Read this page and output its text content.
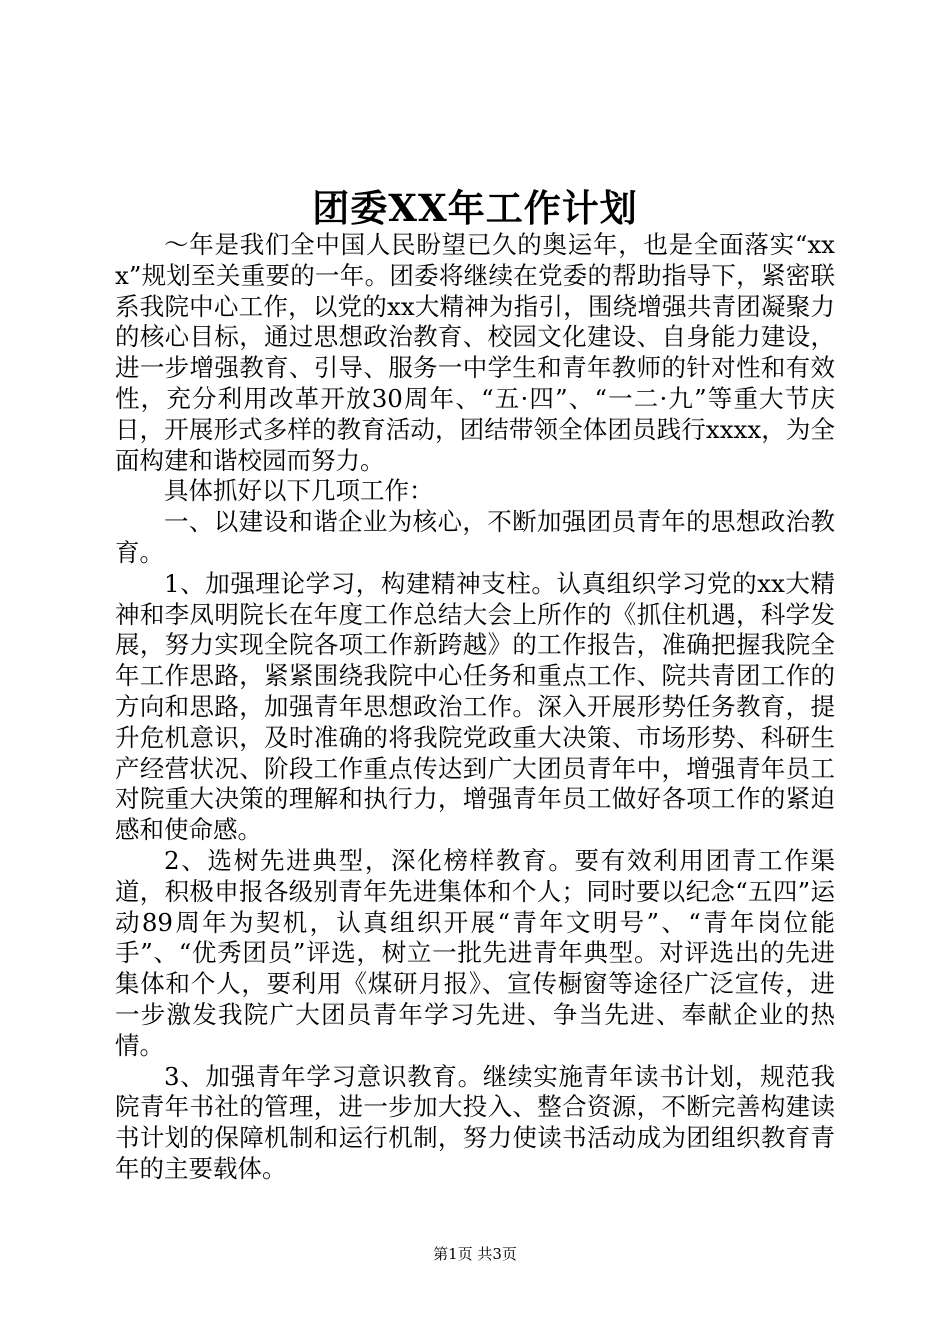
团委XX年工作计划

～年是我们全中国人民盼望已久的奥运年，也是全面落实“xxx”规划至关重要的一年。团委将继续在党委的帮助指导下，紧密联系我院中心工作，以党的xx大精神为指引，围绕增强共青团凝聚力的核心目标，通过思想政治教育、校园文化建设、自身能力建设，进一步增强教育、引导、服务一中学生和青年教师的针对性和有效性，充分利用改革开放30周年、“五·四”、“一二·九”等重大节庆日，开展形式多样的教育活动，团结带领全体团员践行xxxx，为全面构建和谐校园而努力。

具体抓好以下几项工作：

一、以建设和谐企业为核心，不断加强团员青年的思想政治教育。

1、加强理论学习，构建精神支柱。认真组织学习党的xx大精神和李凤明院长在年度工作总结大会上所作的《抓住机遇，科学发展，努力实现全院各项工作新跨越》的工作报告，准确把握我院全年工作思路，紧紧围绕我院中心任务和重点工作、院共青团工作的方向和思路，加强青年思想政治工作。深入开展形势任务教育，提升危机意识，及时准确的将我院党政重大决策、市场形势、科研生产经营状况、阶段工作重点传达到广大团员青年中，增强青年员工对院重大决策的理解和执行力，增强青年员工做好各项工作的紧迫感和使命感。

2、选树先进典型，深化榜样教育。要有效利用团青工作渠道，积极申报各级别青年先进集体和个人；同时要以纪念“五四”运动89周年为契机，认真组织开展“青年文明号”、“青年岗位能手”、“优秀团员”评选，树立一批先进青年典型。对评选出的先进集体和个人，要利用《煤研月报》、宣传橱窗等途径广泛宣传，进一步激发我院广大团员青年学习先进、争当先进、奉献企业的热情。

3、加强青年学习意识教育。继续实施青年读书计划，规范我院青年书社的管理，进一步加大投入、整合资源，不断完善构建读书计划的保障机制和运行机制，努力使读书活动成为团组织教育青年的主要载体。

第1页 共3页
